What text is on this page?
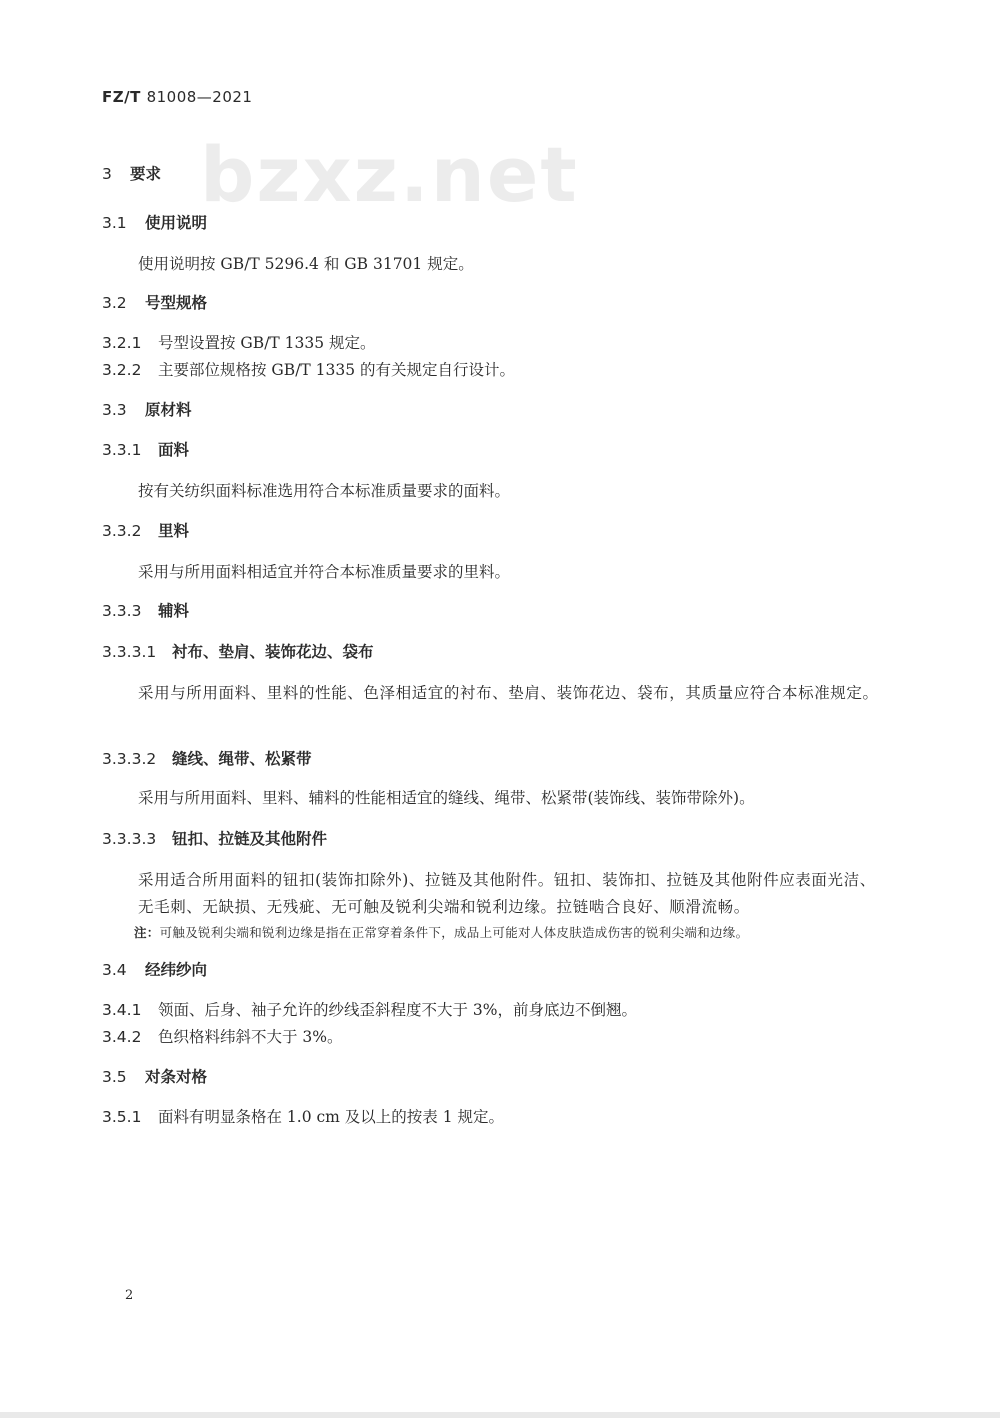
FZ/T 81008—2021
bzxz.net
3 要求
3.1 使用说明
使用说明按 GB/T 5296.4 和 GB 31701 规定。
3.2 号型规格
3.2.1 号型设置按 GB/T 1335 规定。
3.2.2 主要部位规格按 GB/T 1335 的有关规定自行设计。
3.3 原材料
3.3.1 面料
按有关纺织面料标准选用符合本标准质量要求的面料。
3.3.2 里料
采用与所用面料相适宜并符合本标准质量要求的里料。
3.3.3 辅料
3.3.3.1 衬布、垫肩、装饰花边、袋布
采用与所用面料、里料的性能、色泽相适宜的衬布、垫肩、装饰花边、袋布，其质量应符合本标准规定。
3.3.3.2 缝线、绳带、松紧带
采用与所用面料、里料、辅料的性能相适宜的缝线、绳带、松紧带(装饰线、装饰带除外)。
3.3.3.3 钮扣、拉链及其他附件
采用适合所用面料的钮扣(装饰扣除外)、拉链及其他附件。钮扣、装饰扣、拉链及其他附件应表面光洁、无毛刺、无缺损、无残疵、无可触及锐利尖端和锐利边缘。拉链啮合良好、顺滑流畅。
注：可触及锐利尖端和锐利边缘是指在正常穿着条件下，成品上可能对人体皮肤造成伤害的锐利尖端和边缘。
3.4 经纬纱向
3.4.1 领面、后身、袖子允许的纱线歪斜程度不大于 3%，前身底边不倒翘。
3.4.2 色织格料纬斜不大于 3%。
3.5 对条对格
3.5.1 面料有明显条格在 1.0 cm 及以上的按表 1 规定。
2
